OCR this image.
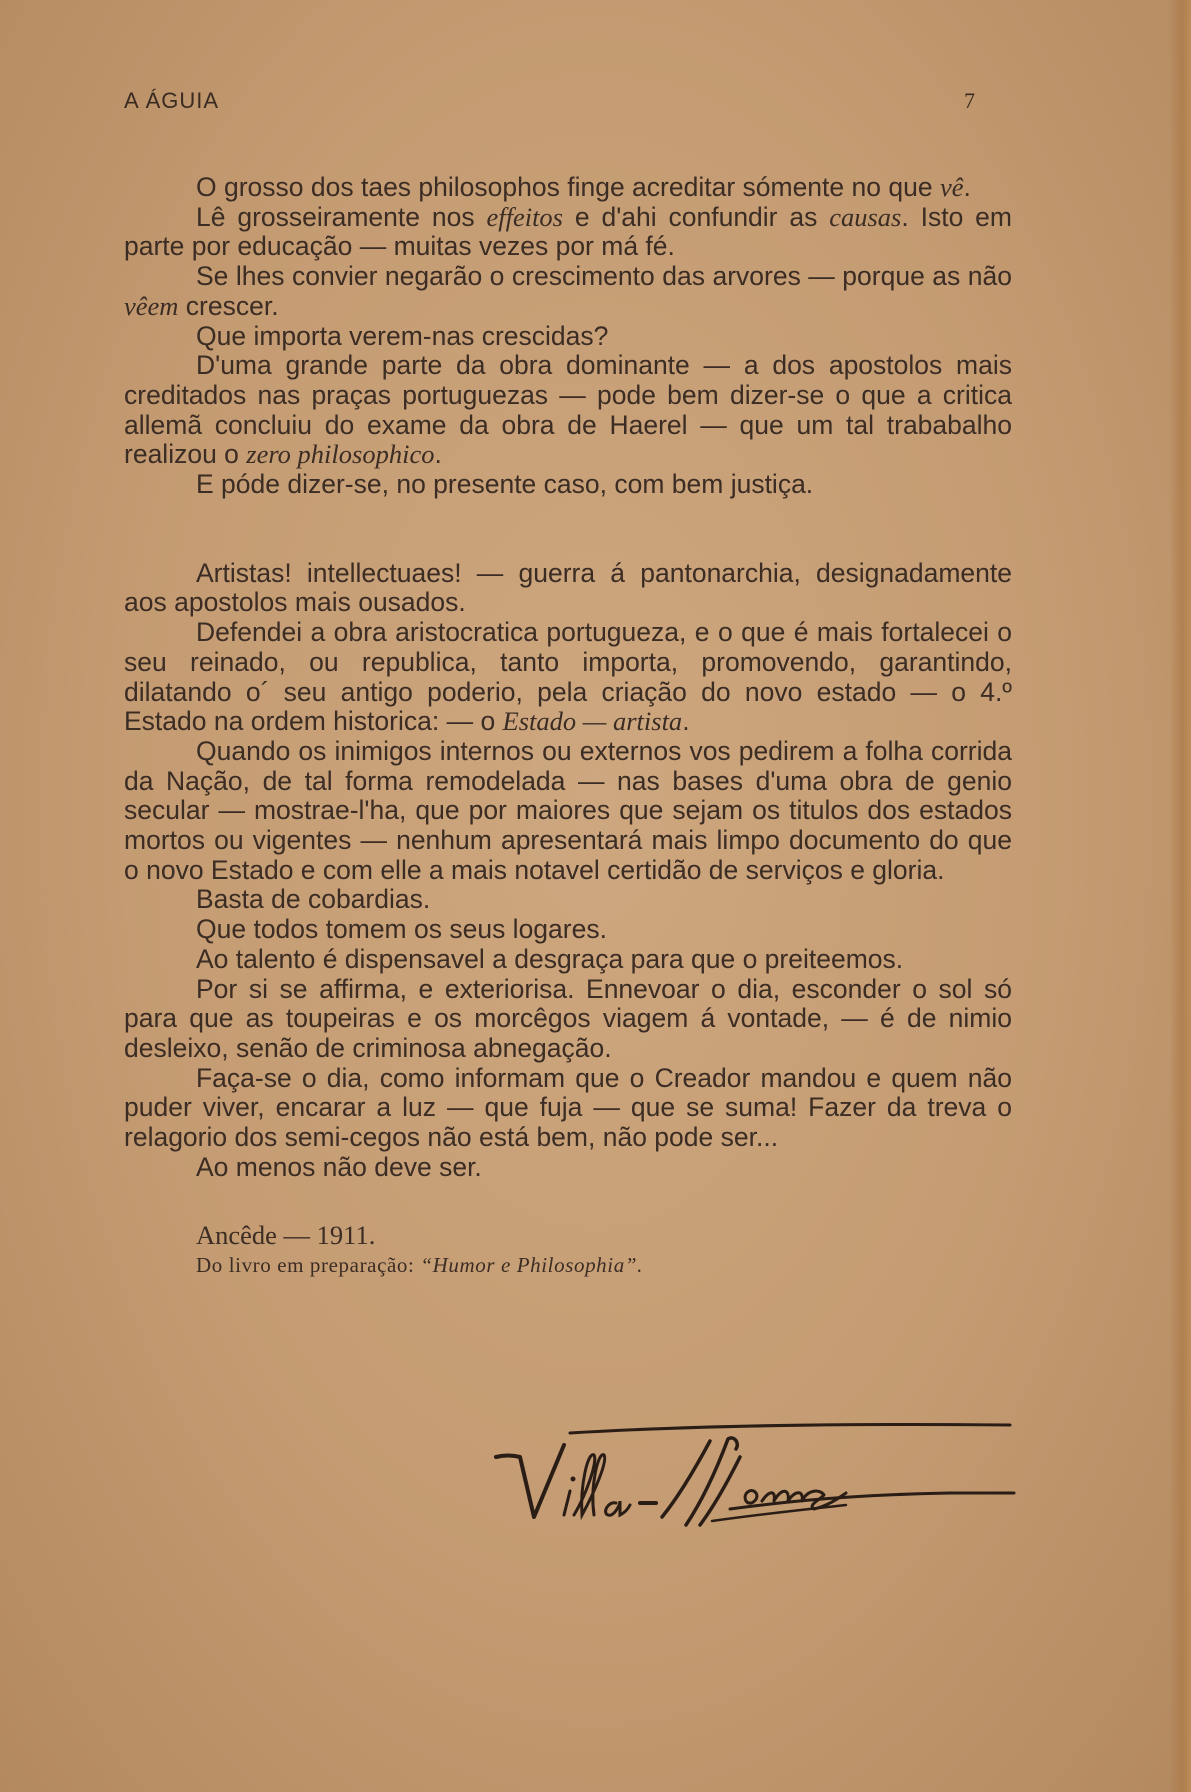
A ÁGUIA	7

O grosso dos taes philosophos finge acreditar sómente no que vê.

Lê grosseiramente nos effeitos e d'ahi confundir as causas. Isto em parte por educação — muitas vezes por má fé.

Se lhes convier negarão o crescimento das arvores — porque as não vêem crescer.

Que importa verem-nas crescidas?

D'uma grande parte da obra dominante — a dos apostolos mais creditados nas praças portuguezas — pode bem dizer-se o que a critica allemã concluiu do exame da obra de Haerel — que um tal trababalho realizou o zero philosophico.

E póde dizer-se, no presente caso, com bem justiça.

Artistas! intellectuaes! — guerra á pantonarchia, designadamente aos apostolos mais ousados.

Defendei a obra aristocratica portugueza, e o que é mais fortalecei o seu reinado, ou republica, tanto importa, promovendo, garantindo, dilatando o´ seu antigo poderio, pela criação do novo estado — o 4.º Estado na ordem historica: — o Estado — artista.

Quando os inimigos internos ou externos vos pedirem a folha corrida da Nação, de tal forma remodelada — nas bases d'uma obra de genio secular — mostrae-l'ha, que por maiores que sejam os titulos dos estados mortos ou vigentes — nenhum apresentará mais limpo documento do que o novo Estado e com elle a mais notavel certidão de serviços e gloria.

Basta de cobardias.

Que todos tomem os seus logares.

Ao talento é dispensavel a desgraça para que o preiteemos.

Por si se affirma, e exteriorisa. Ennevoar o dia, esconder o sol só para que as toupeiras e os morcêgos viagem á vontade, — é de nimio desleixo, senão de criminosa abnegação.

Faça-se o dia, como informam que o Creador mandou e quem não puder viver, encarar a luz — que fuja — que se suma! Fazer da treva o relagorio dos semi-cegos não está bem, não pode ser...

Ao menos não deve ser.

Ancêde — 1911.

Do livro em preparação: “Humor e Philosophia”.
